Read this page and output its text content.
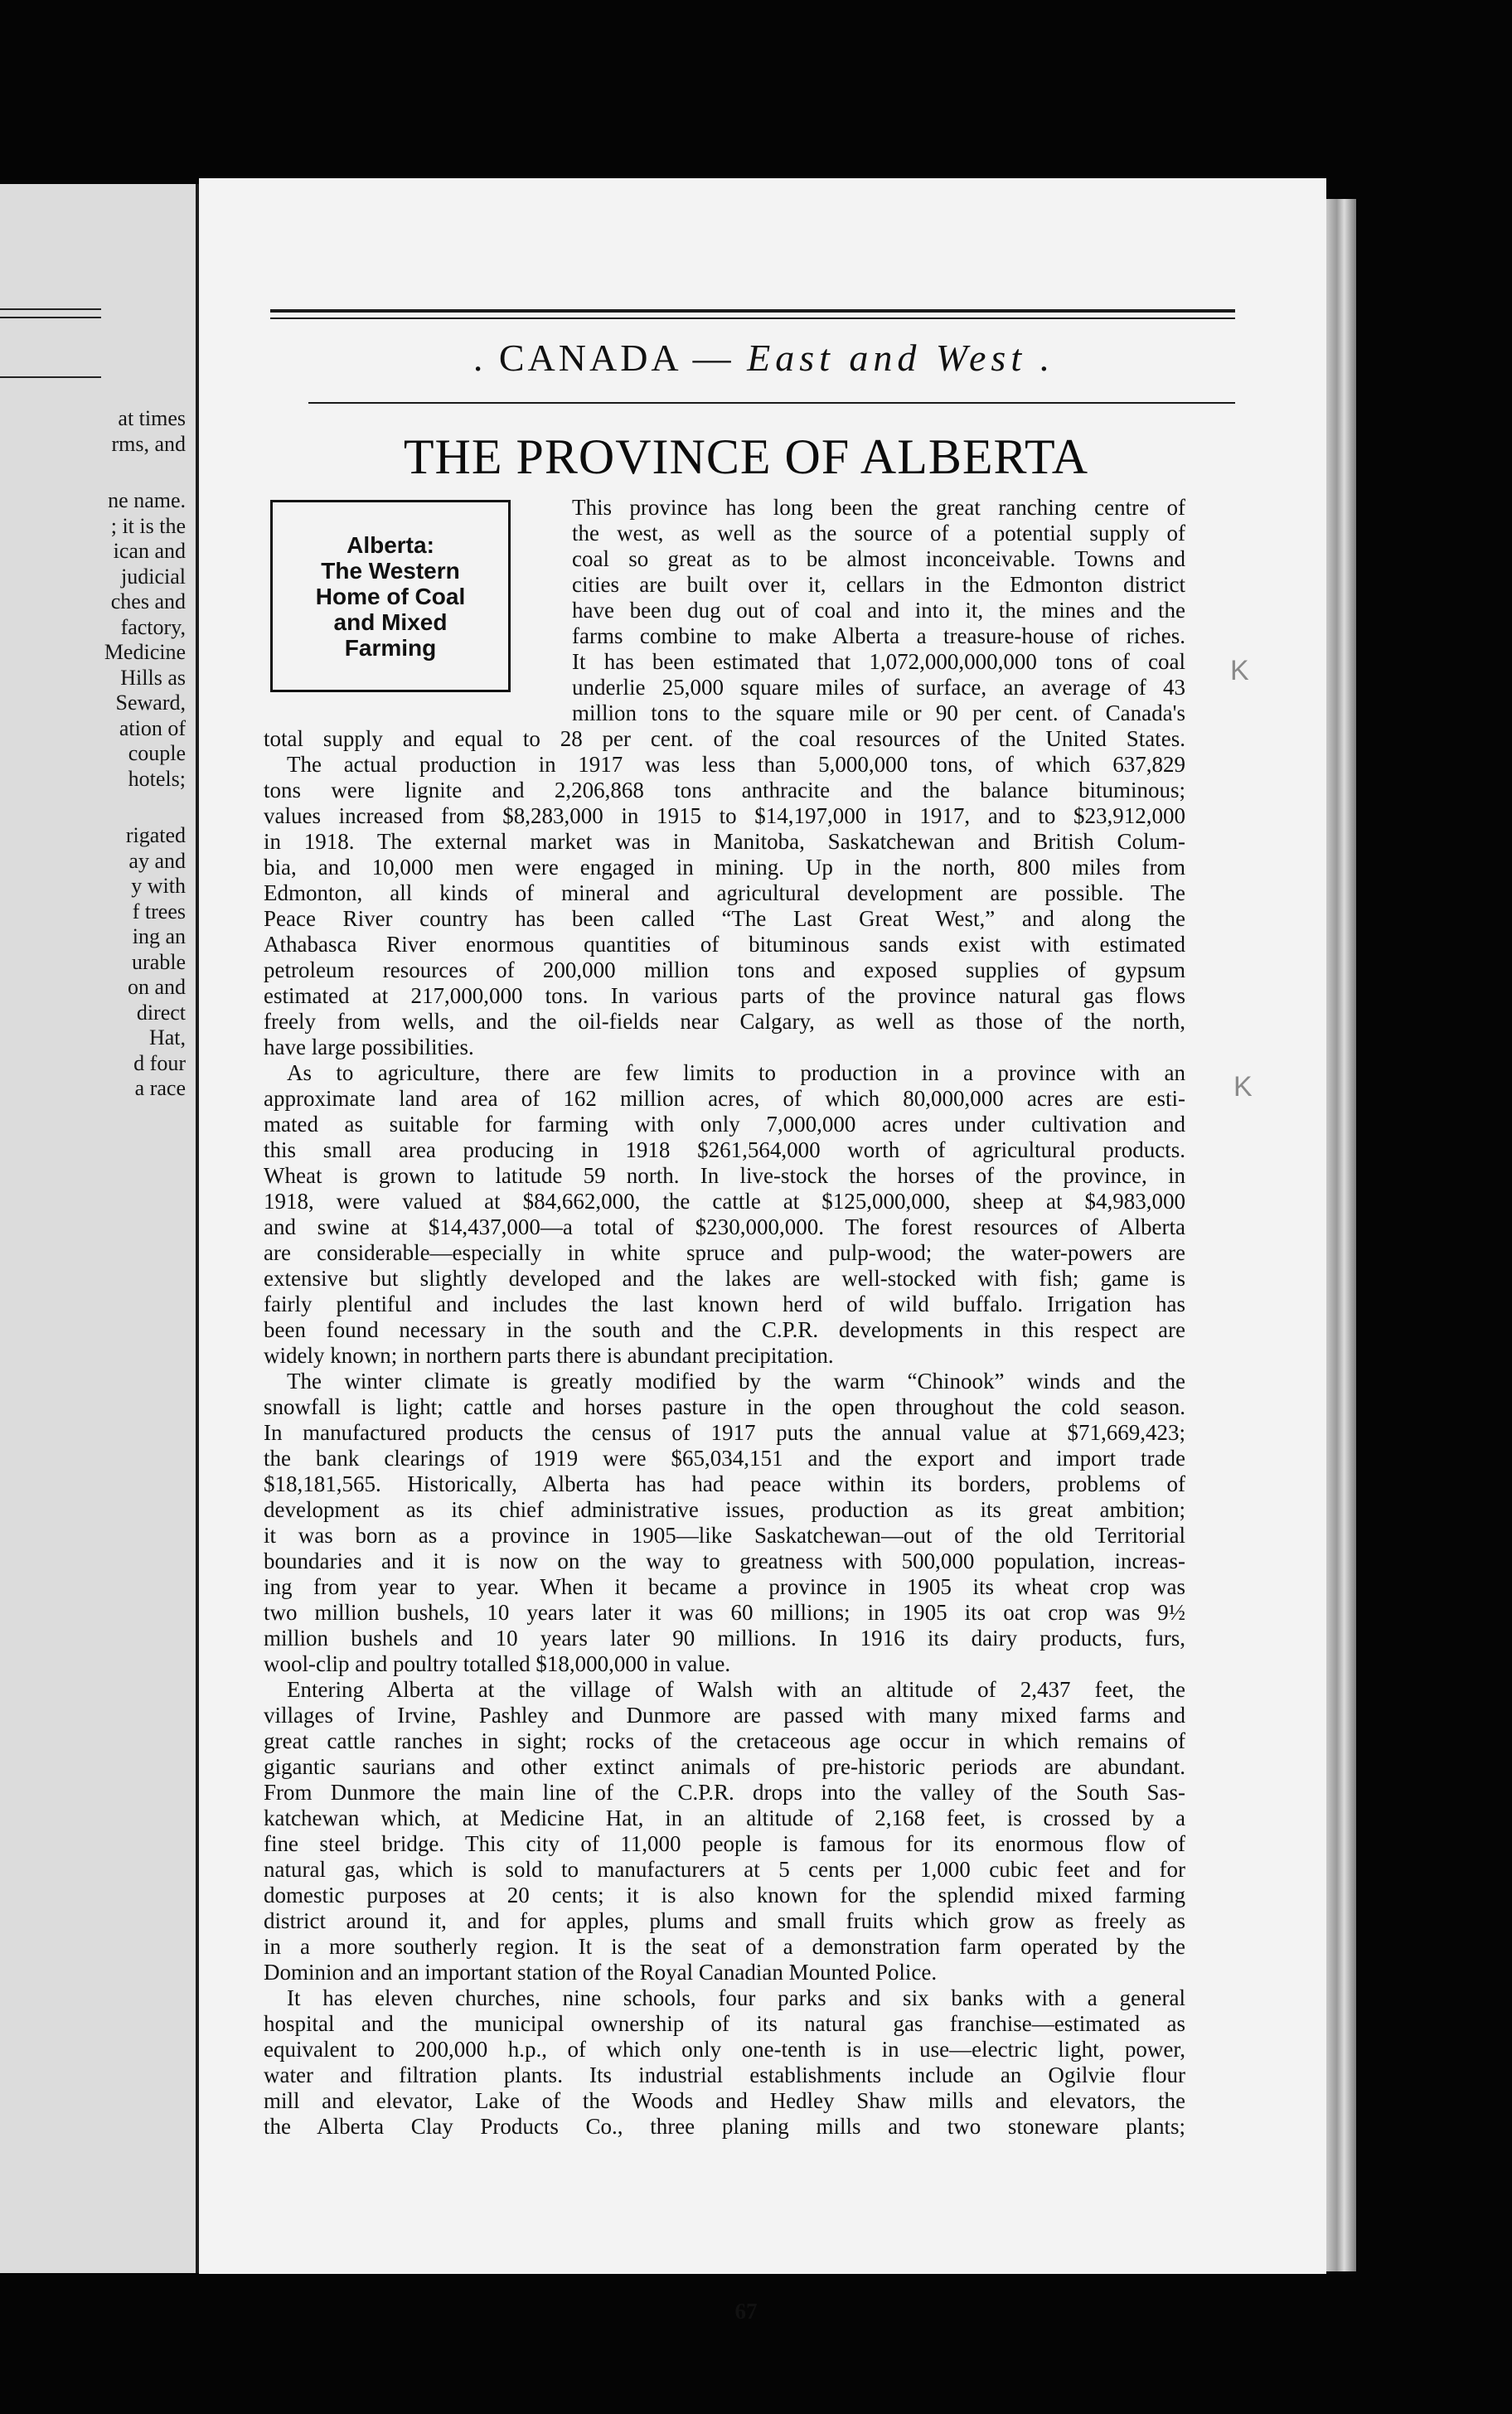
at times
rms, and
ne name.
; it is the
ican and
judicial
ches and
factory,
Medicine
Hills as
Seward,
ation of
couple
hotels;
rigated
ay and
y with
f trees
ing an
urable
on and
direct
Hat,
d four
a race
. CANADA — East and West .
THE PROVINCE OF ALBERTA
Alberta:
The Western
Home of Coal
and Mixed
Farming
This province has long been the great ranching centre of
the west, as well as the source of a potential supply of
coal so great as to be almost inconceivable. Towns and
cities are built over it, cellars in the Edmonton district
have been dug out of coal and into it, the mines and the
farms combine to make Alberta a treasure-house of riches.
It has been estimated that 1,072,000,000,000 tons of coal
underlie 25,000 square miles of surface, an average of 43
million tons to the square mile or 90 per cent. of Canada's
total supply and equal to 28 per cent. of the coal resources of the United States.
The actual production in 1917 was less than 5,000,000 tons, of which 637,829
tons were lignite and 2,206,868 tons anthracite and the balance bituminous;
values increased from $8,283,000 in 1915 to $14,197,000 in 1917, and to $23,912,000
in 1918. The external market was in Manitoba, Saskatchewan and British Colum-
bia, and 10,000 men were engaged in mining. Up in the north, 800 miles from
Edmonton, all kinds of mineral and agricultural development are possible. The
Peace River country has been called “The Last Great West,” and along the
Athabasca River enormous quantities of bituminous sands exist with estimated
petroleum resources of 200,000 million tons and exposed supplies of gypsum
estimated at 217,000,000 tons. In various parts of the province natural gas flows
freely from wells, and the oil-fields near Calgary, as well as those of the north,
have large possibilities.
As to agriculture, there are few limits to production in a province with an
approximate land area of 162 million acres, of which 80,000,000 acres are esti-
mated as suitable for farming with only 7,000,000 acres under cultivation and
this small area producing in 1918 $261,564,000 worth of agricultural products.
Wheat is grown to latitude 59 north. In live-stock the horses of the province, in
1918, were valued at $84,662,000, the cattle at $125,000,000, sheep at $4,983,000
and swine at $14,437,000—a total of $230,000,000. The forest resources of Alberta
are considerable—especially in white spruce and pulp-wood; the water-powers are
extensive but slightly developed and the lakes are well-stocked with fish; game is
fairly plentiful and includes the last known herd of wild buffalo. Irrigation has
been found necessary in the south and the C.P.R. developments in this respect are
widely known; in northern parts there is abundant precipitation.
The winter climate is greatly modified by the warm “Chinook” winds and the
snowfall is light; cattle and horses pasture in the open throughout the cold season.
In manufactured products the census of 1917 puts the annual value at $71,669,423;
the bank clearings of 1919 were $65,034,151 and the export and import trade
$18,181,565. Historically, Alberta has had peace within its borders, problems of
development as its chief administrative issues, production as its great ambition;
it was born as a province in 1905—like Saskatchewan—out of the old Territorial
boundaries and it is now on the way to greatness with 500,000 population, increas-
ing from year to year. When it became a province in 1905 its wheat crop was
two million bushels, 10 years later it was 60 millions; in 1905 its oat crop was 9½
million bushels and 10 years later 90 millions. In 1916 its dairy products, furs,
wool-clip and poultry totalled $18,000,000 in value.
Entering Alberta at the village of Walsh with an altitude of 2,437 feet, the
villages of Irvine, Pashley and Dunmore are passed with many mixed farms and
great cattle ranches in sight; rocks of the cretaceous age occur in which remains of
gigantic saurians and other extinct animals of pre-historic periods are abundant.
From Dunmore the main line of the C.P.R. drops into the valley of the South Sas-
katchewan which, at Medicine Hat, in an altitude of 2,168 feet, is crossed by a
fine steel bridge. This city of 11,000 people is famous for its enormous flow of
natural gas, which is sold to manufacturers at 5 cents per 1,000 cubic feet and for
domestic purposes at 20 cents; it is also known for the splendid mixed farming
district around it, and for apples, plums and small fruits which grow as freely as
in a more southerly region. It is the seat of a demonstration farm operated by the
Dominion and an important station of the Royal Canadian Mounted Police.
It has eleven churches, nine schools, four parks and six banks with a general
hospital and the municipal ownership of its natural gas franchise—estimated as
equivalent to 200,000 h.p., of which only one-tenth is in use—electric light, power,
water and filtration plants. Its industrial establishments include an Ogilvie flour
mill and elevator, Lake of the Woods and Hedley Shaw mills and elevators, the
the Alberta Clay Products Co., three planing mills and two stoneware plants;
67
K
K
